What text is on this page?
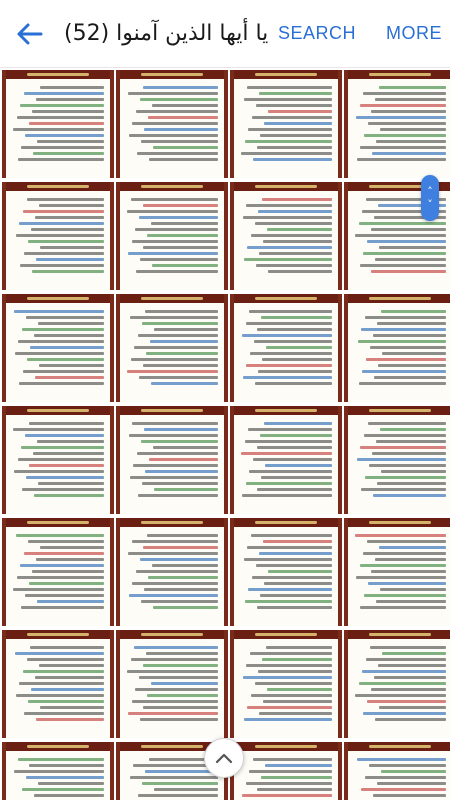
يا أيها الذين آمنوا (52) SEARCH MORE
˄
˅
